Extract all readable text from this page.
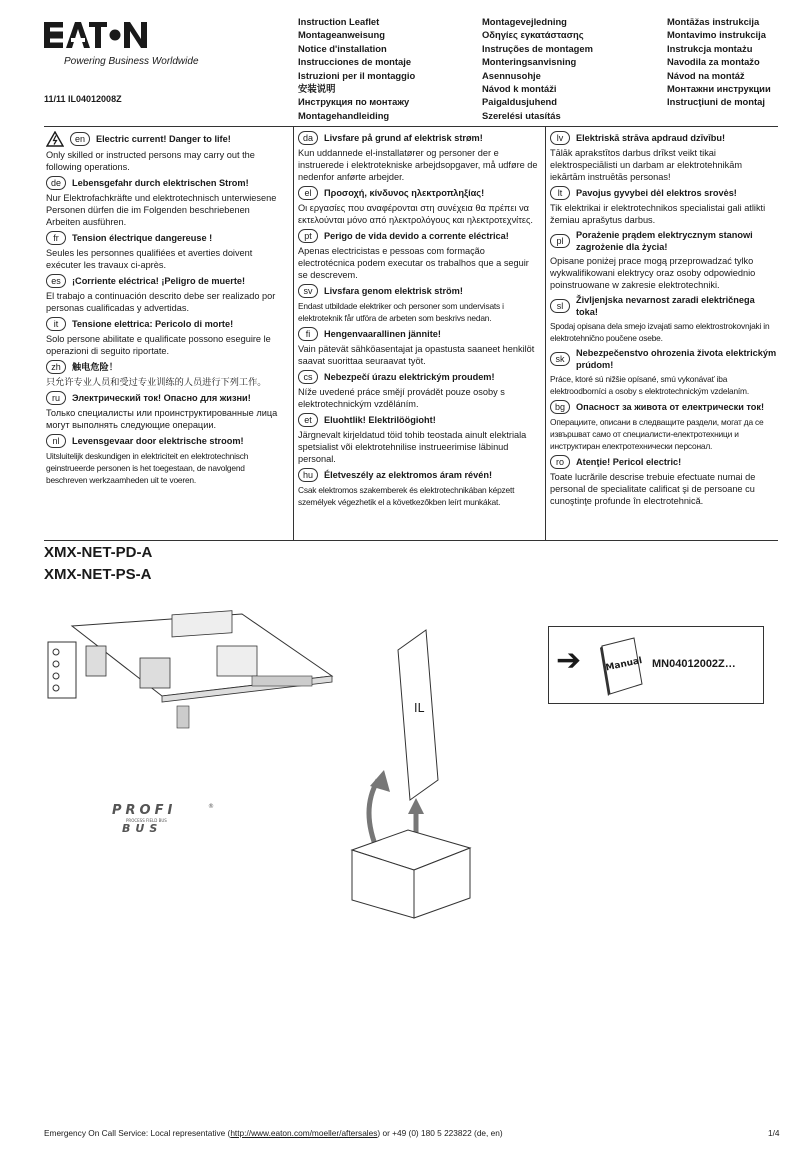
Powering Business Worldwide
11/11 IL04012008Z
Instruction Leaflet
Montageanweisung
Notice d'installation
Instrucciones de montaje
Istruzioni per il montaggio
安装说明
Инструкция по монтажу
Montagehandleiding
Montagevejledning
Οδηγίες εγκατάστασης
Instruções de montagem
Monteringsanvisning
Asennusohje
Návod k montáži
Paigaldusjuhend
Szerelési utasítás
Montāžas instrukcija
Montavimo instrukcija
Instrukcja montażu
Navodila za montažo
Návod na montáž
Монтажни инструкции
Instrucţiuni de montaj
en	Electric current! Danger to life!
Only skilled or instructed persons may carry out the following operations.
de	Lebensgefahr durch elektrischen Strom!
Nur Elektrofachkräfte und elektrotechnisch unterwiesene Personen dürfen die im Folgenden beschriebenen Arbeiten ausführen.
fr	Tension électrique dangereuse !
Seules les personnes qualifiées et averties doivent exécuter les travaux ci-après.
es	¡Corriente eléctrica! ¡Peligro de muerte!
El trabajo a continuación descrito debe ser realizado por personas cualificadas y advertidas.
it	Tensione elettrica: Pericolo di morte!
Solo persone abilitate e qualificate possono eseguire le operazioni di seguito riportate.
zh	触电危险！
只允许专业人员和受过专业训练的人员进行下列工作。
ru	Электрический ток! Опасно для жизни!
Только специалисты или проинструктированные лица могут выполнять следующие операции.
nl	Levensgevaar door elektrische stroom!
Uitsluitelijk deskundigen in elektriciteit en elektrotechnisch geinstrueerde personen is het toegestaan, de navolgend beschreven werkzaamheden uit te voeren.
da	Livsfare på grund af elektrisk strøm!
Kun uddannede el-installatører og personer der e instruerede i elektrotekniske arbejdsopgaver, må udføre de nedenfor anførte arbejder.
el	Προσοχή, κίνδυνος ηλεκτροπληξίας!
Οι εργασίες που αναφέρονται στη συνέχεια θα πρέπει να εκτελούνται μόνο από ηλεκτρολόγους και ηλεκτροτεχνίτες.
pt	Perigo de vida devido a corrente eléctrica!
Apenas electricistas e pessoas com formação electrotécnica podem executar os trabalhos que a seguir se descrevem.
sv	Livsfara genom elektrisk ström!
Endast utbildade elektriker och personer som undervisats i elektroteknik får utföra de arbeten som beskrivs nedan.
fi	Hengenvaarallinen jännite!
Vain pätevät sähköasentajat ja opastusta saaneet henkilöt saavat suorittaa seuraavat työt.
cs	Nebezpečí úrazu elektrickým proudem!
Níže uvedené práce smějí provádět pouze osoby s elektrotechnickým vzděláním.
et	Eluohtlik! Elektrilöögioht!
Järgnevalt kirjeldatud töid tohib teostada ainult elektriala spetsialist või elektrotehnilise instrueerimise läbinud personal.
hu	Életveszély az elektromos áram révén!
Csak elektromos szakemberek és elektrotechnikában képzett személyek végezhetik el a következőkben leírt munkákat.
lv	Elektriskā strāva apdraud dzīvību!
Tālāk aprakstītos darbus drīkst veikt tikai elektrospeciālisti un darbam ar elektrotehnikām iekārtām instruētās personas!
lt	Pavojus gyvybei dėl elektros srovės!
Tik elektrikai ir elektrotechnikos specialistai gali atlikti žemiau aprašytus darbus.
pl
Porażenie prądem elektrycznym stanowi zagrożenie dla życia!
Opisane poniżej prace mogą przeprowadzać tylko wykwalifikowani elektrycy oraz osoby odpowiednio poinstruowane w zakresie elektrotechniki.
sl
Življenjska nevarnost zaradi električnega toka!
Spodaj opisana dela smejo izvajati samo elektrostrokovnjaki in elektrotehnično poučene osebe.
sk
Nebezpečenstvo ohrozenia života elektrickým prúdom!
Práce, ktoré sú nižšie opísané, smú vykonávať iba elektroodborníci a osoby s elektrotechnickým vzdelaním.
bg	Опасност за живота от електрически ток!
Операциите, описани в следващите раздели, могат да се извършват само от специалисти-електротехници и инструктиран електротехнически персонал.
ro	Atenţie! Pericol electric!
Toate lucrările descrise trebuie efectuate numai de personal de specialitate calificat şi de persoane cu cunoştinţe profunde în electrotehnică.
XMX-NET-PD-A
XMX-NET-PS-A
PROFI	®
PROCESS FIELD BUS
BUS
IL
➔	Manual MN04012002Z…
Emergency On Call Service: Local representative (http://www.eaton.com/moeller/aftersales) or +49 (0) 180 5 223822 (de, en)	1/4
